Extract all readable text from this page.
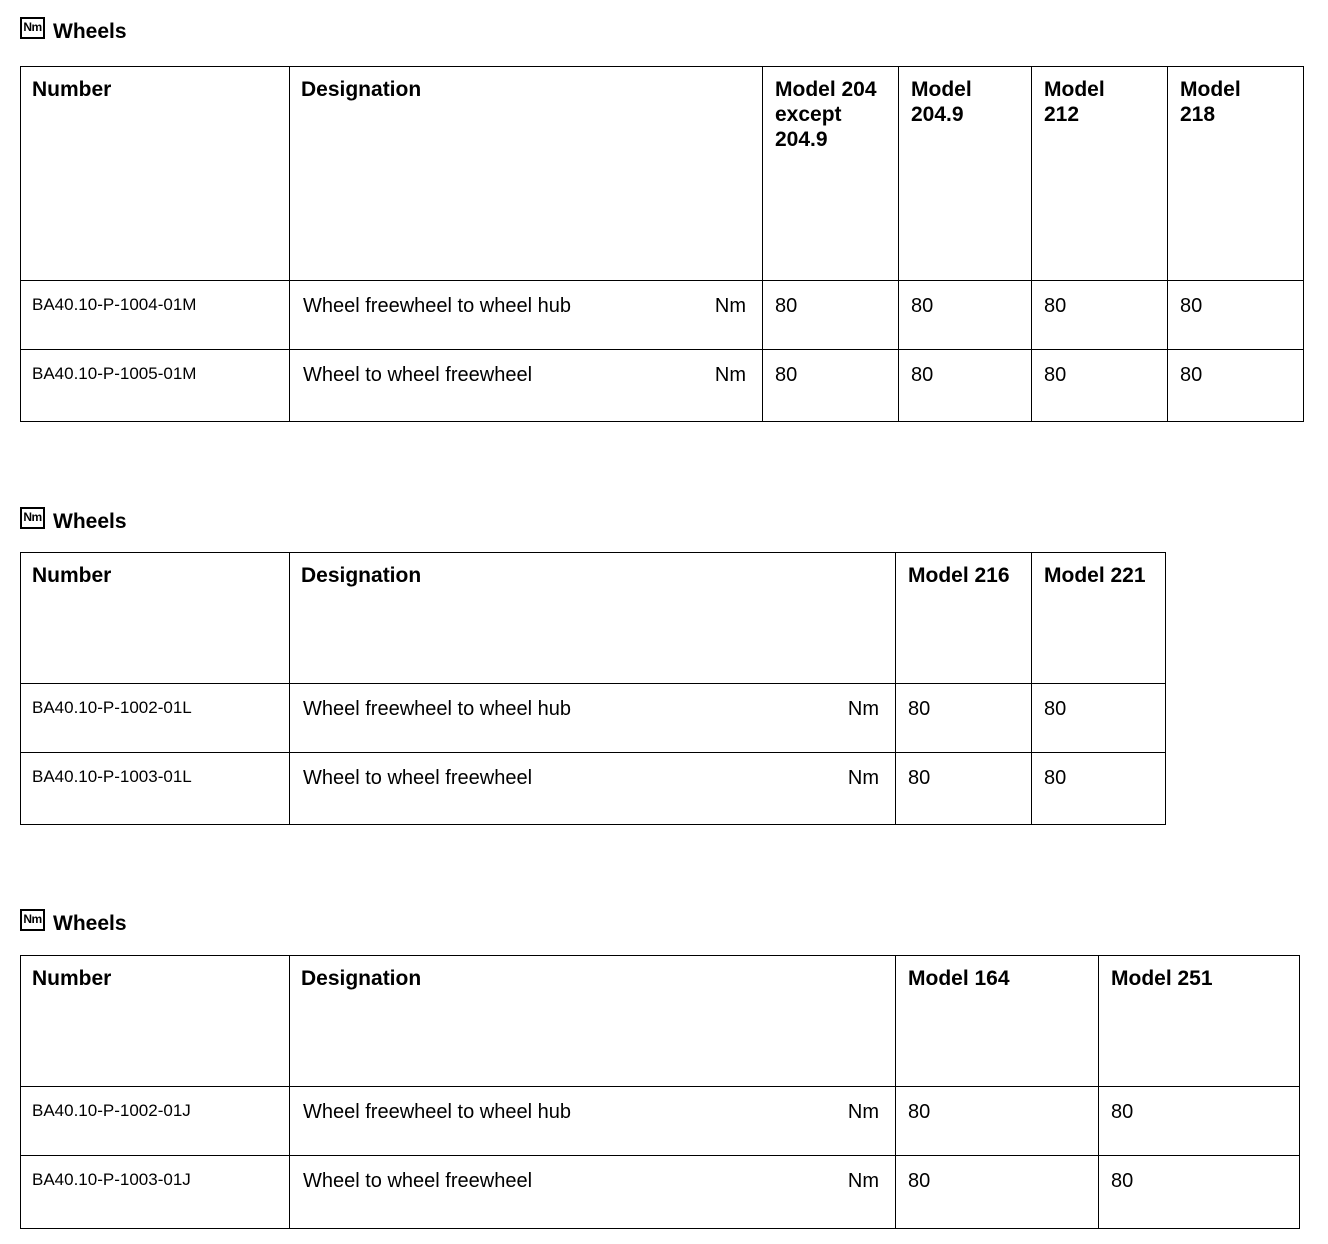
Nm Wheels
Number	Designation	Model 204 except 204.9	Model 204.9	Model 212	Model 218

BA40.10-P-1004-01M	Wheel freewheel to wheel hub Nm	80	80	80	80

BA40.10-P-1005-01M	Wheel to wheel freewheel Nm	80	80	80	80
Nm Wheels
Number	Designation	Model 216	Model 221

BA40.10-P-1002-01L	Wheel freewheel to wheel hub Nm	80	80

BA40.10-P-1003-01L	Wheel to wheel freewheel Nm	80	80
Nm Wheels
Number	Designation	Model 164	Model 251

BA40.10-P-1002-01J	Wheel freewheel to wheel hub Nm	80	80

BA40.10-P-1003-01J	Wheel to wheel freewheel Nm	80	80
